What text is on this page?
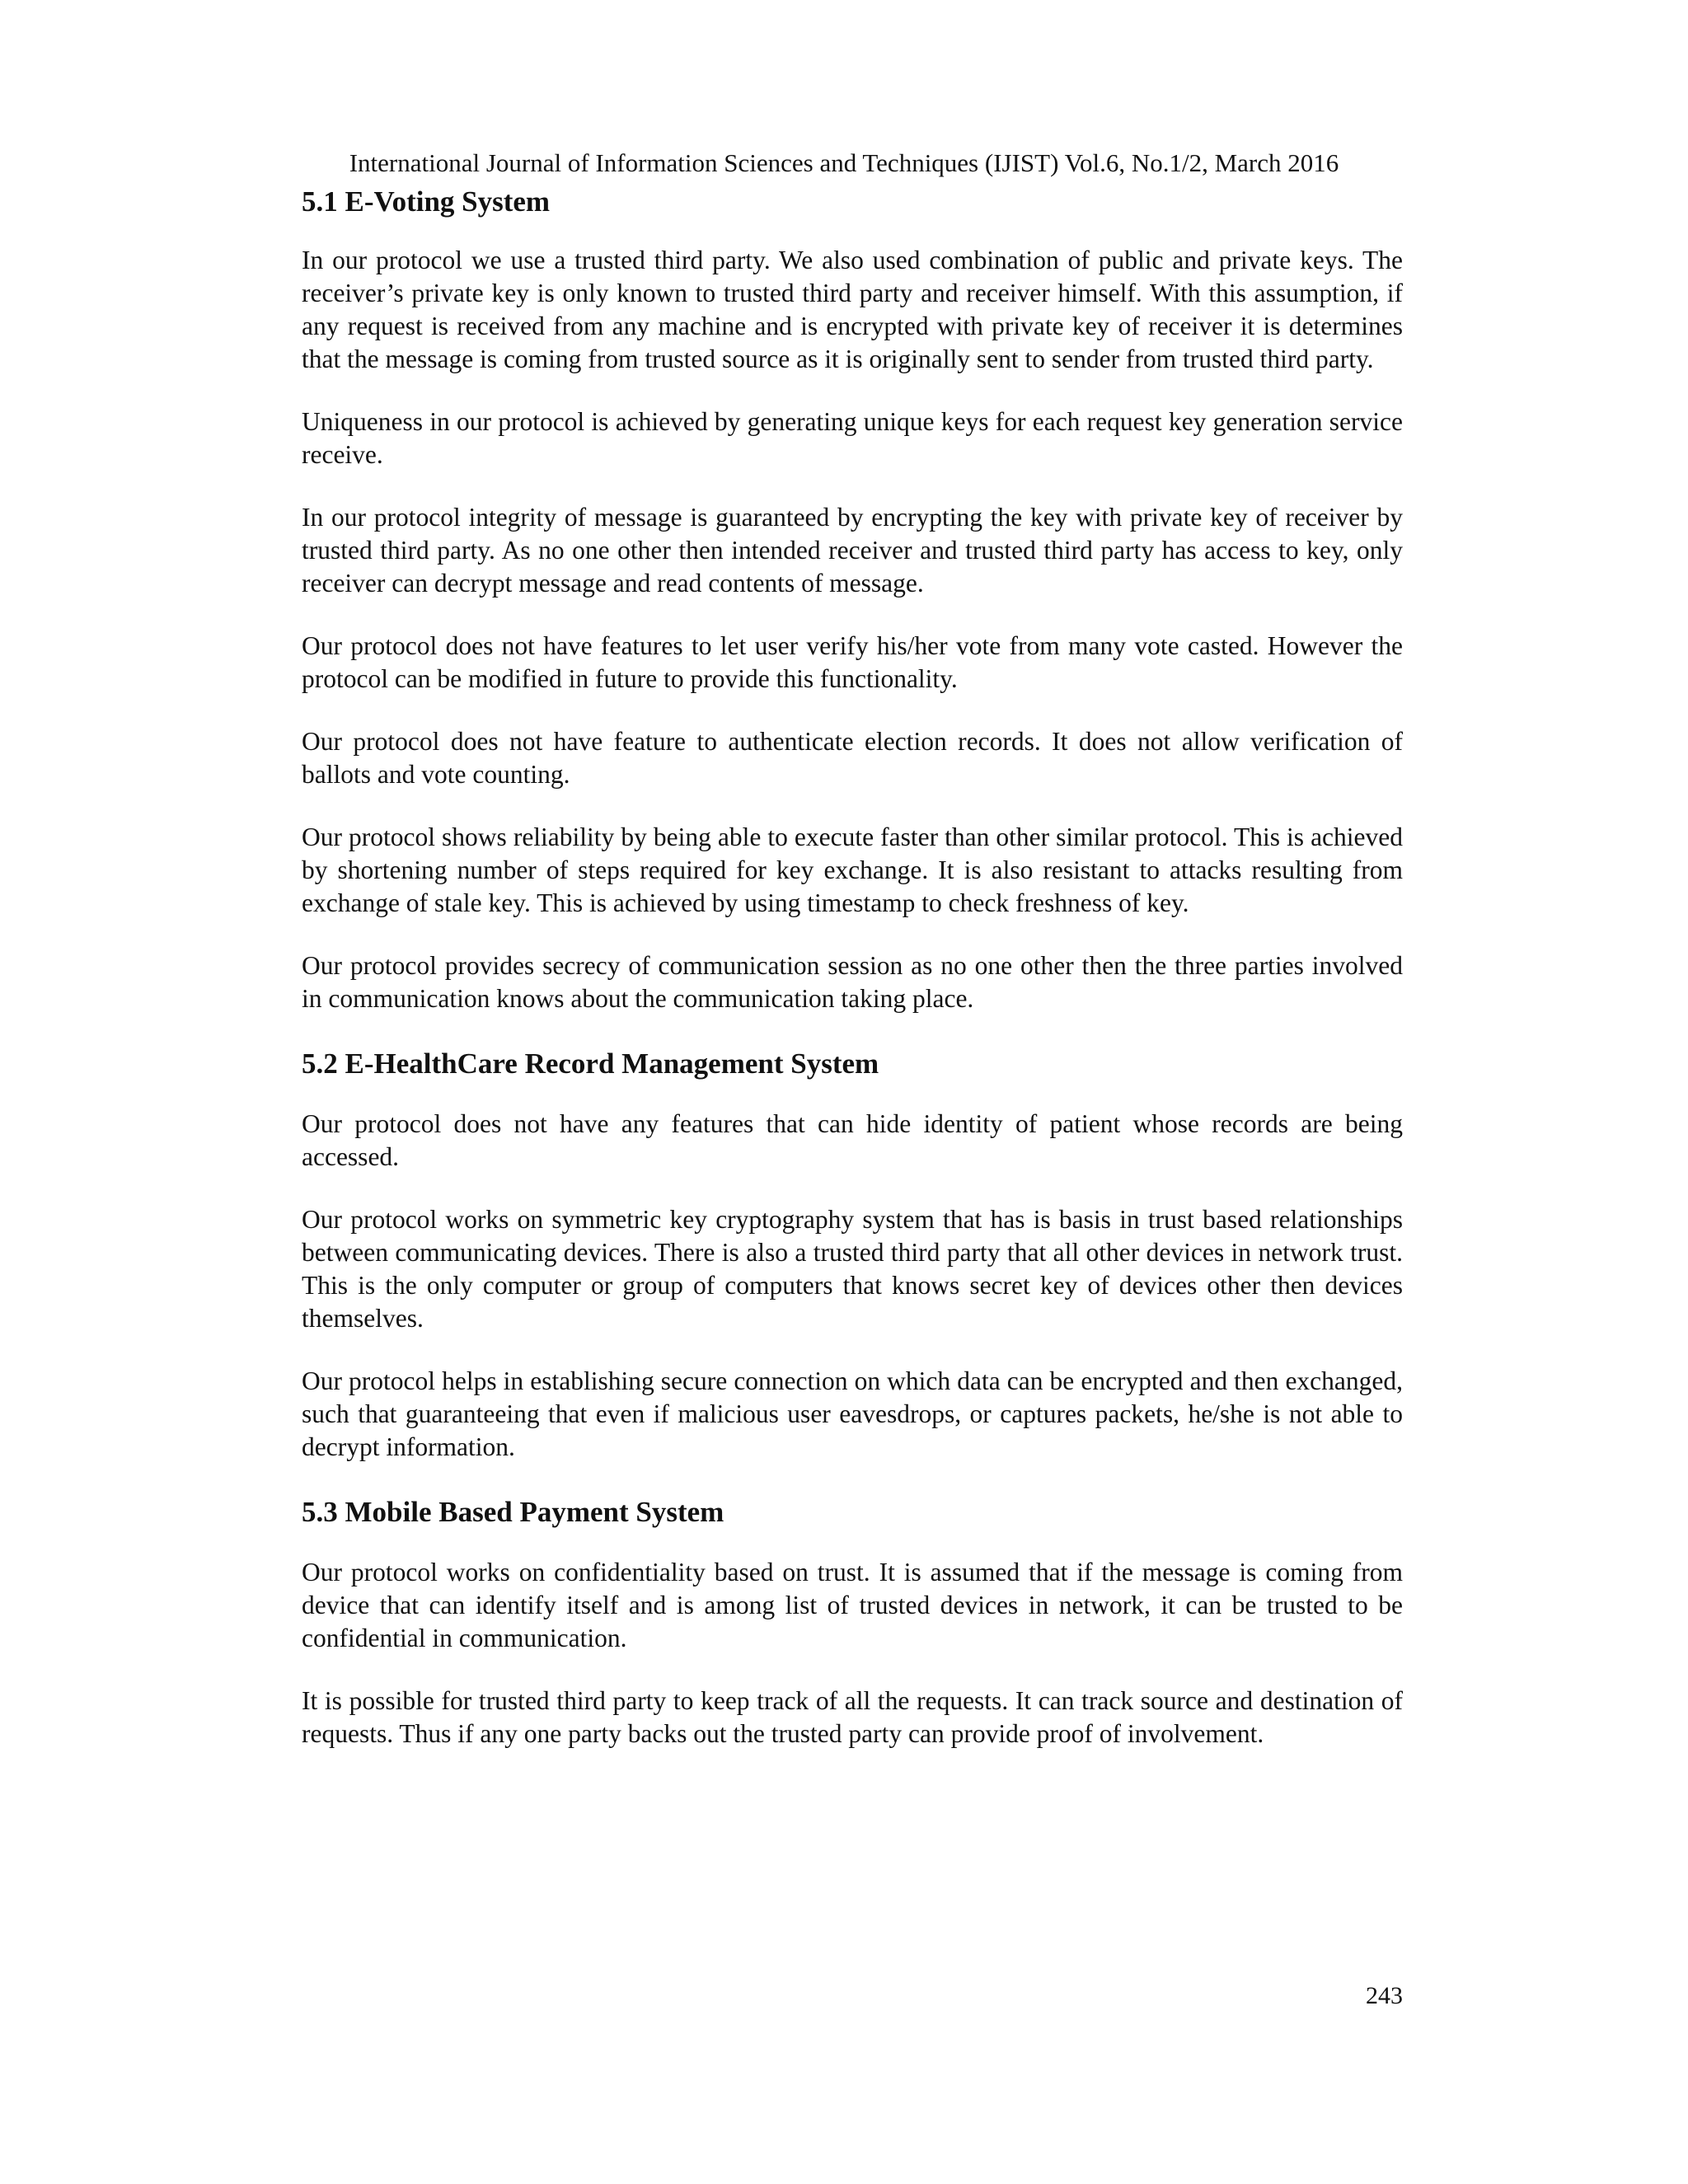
International Journal of Information Sciences and Techniques (IJIST) Vol.6, No.1/2, March 2016
5.1 E-Voting System

In our protocol we use a trusted third party. We also used combination of public and private keys. The receiver’s private key is only known to trusted third party and receiver himself. With this assumption, if any request is received from any machine and is encrypted with private key of receiver it is determines that the message is coming from trusted source as it is originally sent to sender from trusted third party.

Uniqueness in our protocol is achieved by generating unique keys for each request key generation service receive.

In our protocol integrity of message is guaranteed by encrypting the key with private key of receiver by trusted third party. As no one other then intended receiver and trusted third party has access to key, only receiver can decrypt message and read contents of message.

Our protocol does not have features to let user verify his/her vote from many vote casted. However the protocol can be modified in future to provide this functionality.

Our protocol does not have feature to authenticate election records. It does not allow verification of ballots and vote counting.

Our protocol shows reliability by being able to execute faster than other similar protocol. This is achieved by shortening number of steps required for key exchange. It is also resistant to attacks resulting from exchange of stale key. This is achieved by using timestamp to check freshness of key.

Our protocol provides secrecy of communication session as no one other then the three parties involved in communication knows about the communication taking place.

5.2 E-HealthCare Record Management System

Our protocol does not have any features that can hide identity of patient whose records are being accessed.

Our protocol works on symmetric key cryptography system that has is basis in trust based relationships between communicating devices. There is also a trusted third party that all other devices in network trust. This is the only computer or group of computers that knows secret key of devices other then devices themselves.

Our protocol helps in establishing secure connection on which data can be encrypted and then exchanged, such that guaranteeing that even if malicious user eavesdrops, or captures packets, he/she is not able to decrypt information.

5.3 Mobile Based Payment System

Our protocol works on confidentiality based on trust. It is assumed that if the message is coming from device that can identify itself and is among list of trusted devices in network, it can be trusted to be confidential in communication.

It is possible for trusted third party to keep track of all the requests. It can track source and destination of requests. Thus if any one party backs out the trusted party can provide proof of involvement.

243
